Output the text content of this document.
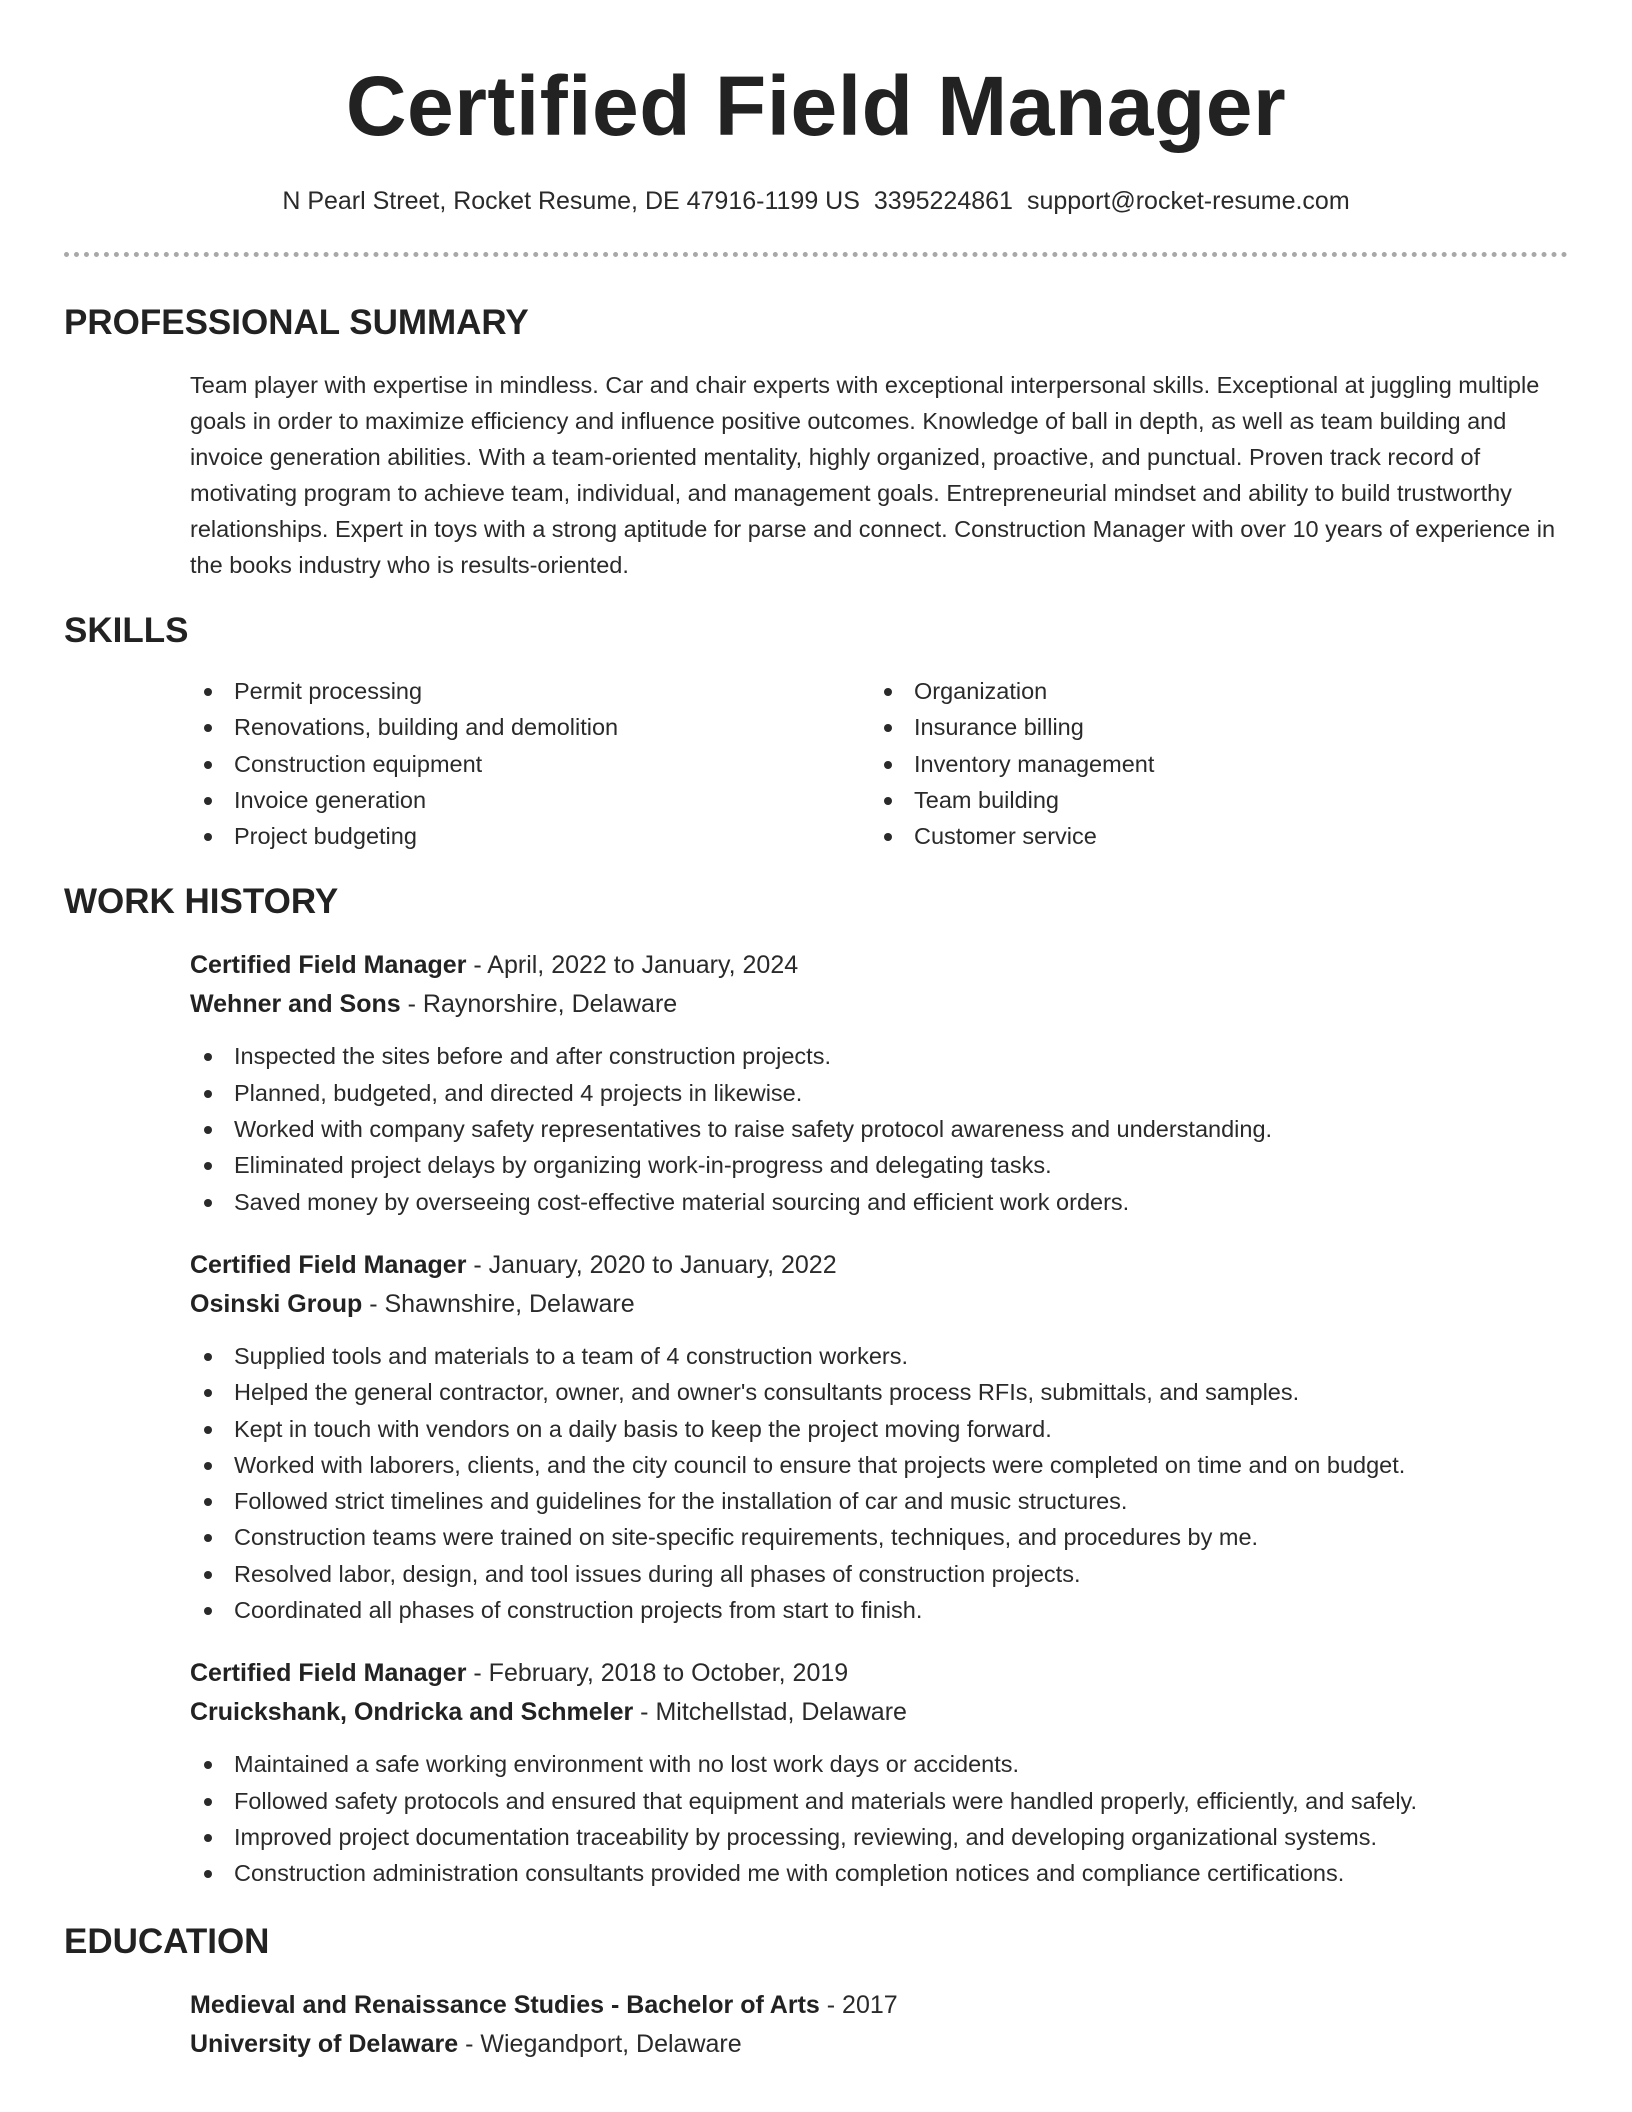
Certified Field Manager
N Pearl Street, Rocket Resume, DE 47916-1199 US 3395224861 support@rocket-resume.com
PROFESSIONAL SUMMARY
Team player with expertise in mindless. Car and chair experts with exceptional interpersonal skills. Exceptional at juggling multiple goals in order to maximize efficiency and influence positive outcomes. Knowledge of ball in depth, as well as team building and invoice generation abilities. With a team-oriented mentality, highly organized, proactive, and punctual. Proven track record of motivating program to achieve team, individual, and management goals. Entrepreneurial mindset and ability to build trustworthy relationships. Expert in toys with a strong aptitude for parse and connect. Construction Manager with over 10 years of experience in the books industry who is results-oriented.
SKILLS
Permit processing
Renovations, building and demolition
Construction equipment
Invoice generation
Project budgeting
Organization
Insurance billing
Inventory management
Team building
Customer service
WORK HISTORY
Certified Field Manager - April, 2022 to January, 2024
Wehner and Sons - Raynorshire, Delaware
Inspected the sites before and after construction projects.
Planned, budgeted, and directed 4 projects in likewise.
Worked with company safety representatives to raise safety protocol awareness and understanding.
Eliminated project delays by organizing work-in-progress and delegating tasks.
Saved money by overseeing cost-effective material sourcing and efficient work orders.
Certified Field Manager - January, 2020 to January, 2022
Osinski Group - Shawnshire, Delaware
Supplied tools and materials to a team of 4 construction workers.
Helped the general contractor, owner, and owner's consultants process RFIs, submittals, and samples.
Kept in touch with vendors on a daily basis to keep the project moving forward.
Worked with laborers, clients, and the city council to ensure that projects were completed on time and on budget.
Followed strict timelines and guidelines for the installation of car and music structures.
Construction teams were trained on site-specific requirements, techniques, and procedures by me.
Resolved labor, design, and tool issues during all phases of construction projects.
Coordinated all phases of construction projects from start to finish.
Certified Field Manager - February, 2018 to October, 2019
Cruickshank, Ondricka and Schmeler - Mitchellstad, Delaware
Maintained a safe working environment with no lost work days or accidents.
Followed safety protocols and ensured that equipment and materials were handled properly, efficiently, and safely.
Improved project documentation traceability by processing, reviewing, and developing organizational systems.
Construction administration consultants provided me with completion notices and compliance certifications.
EDUCATION
Medieval and Renaissance Studies - Bachelor of Arts - 2017
University of Delaware - Wiegandport, Delaware
